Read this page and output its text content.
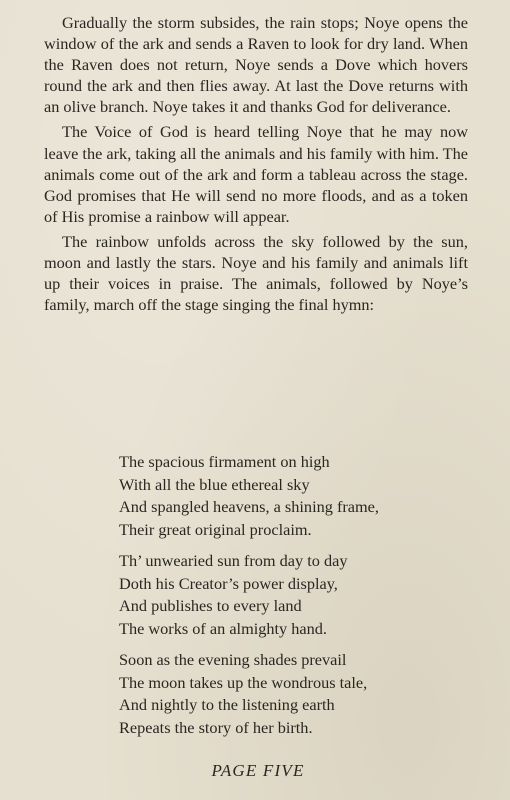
Gradually the storm subsides, the rain stops; Noye opens the window of the ark and sends a Raven to look for dry land. When the Raven does not return, Noye sends a Dove which hovers round the ark and then flies away. At last the Dove returns with an olive branch. Noye takes it and thanks God for deliverance.

The Voice of God is heard telling Noye that he may now leave the ark, taking all the animals and his family with him. The animals come out of the ark and form a tableau across the stage. God promises that He will send no more floods, and as a token of His promise a rainbow will appear.

The rainbow unfolds across the sky followed by the sun, moon and lastly the stars. Noye and his family and animals lift up their voices in praise. The animals, followed by Noye’s family, march off the stage singing the final hymn:

The spacious firmament on high
With all the blue ethereal sky
And spangled heavens, a shining frame,
Their great original proclaim.
Th’ unwearied sun from day to day
Doth his Creator’s power display,
And publishes to every land
The works of an almighty hand.
Soon as the evening shades prevail
The moon takes up the wondrous tale,
And nightly to the listening earth
Repeats the story of her birth.
PAGE FIVE
